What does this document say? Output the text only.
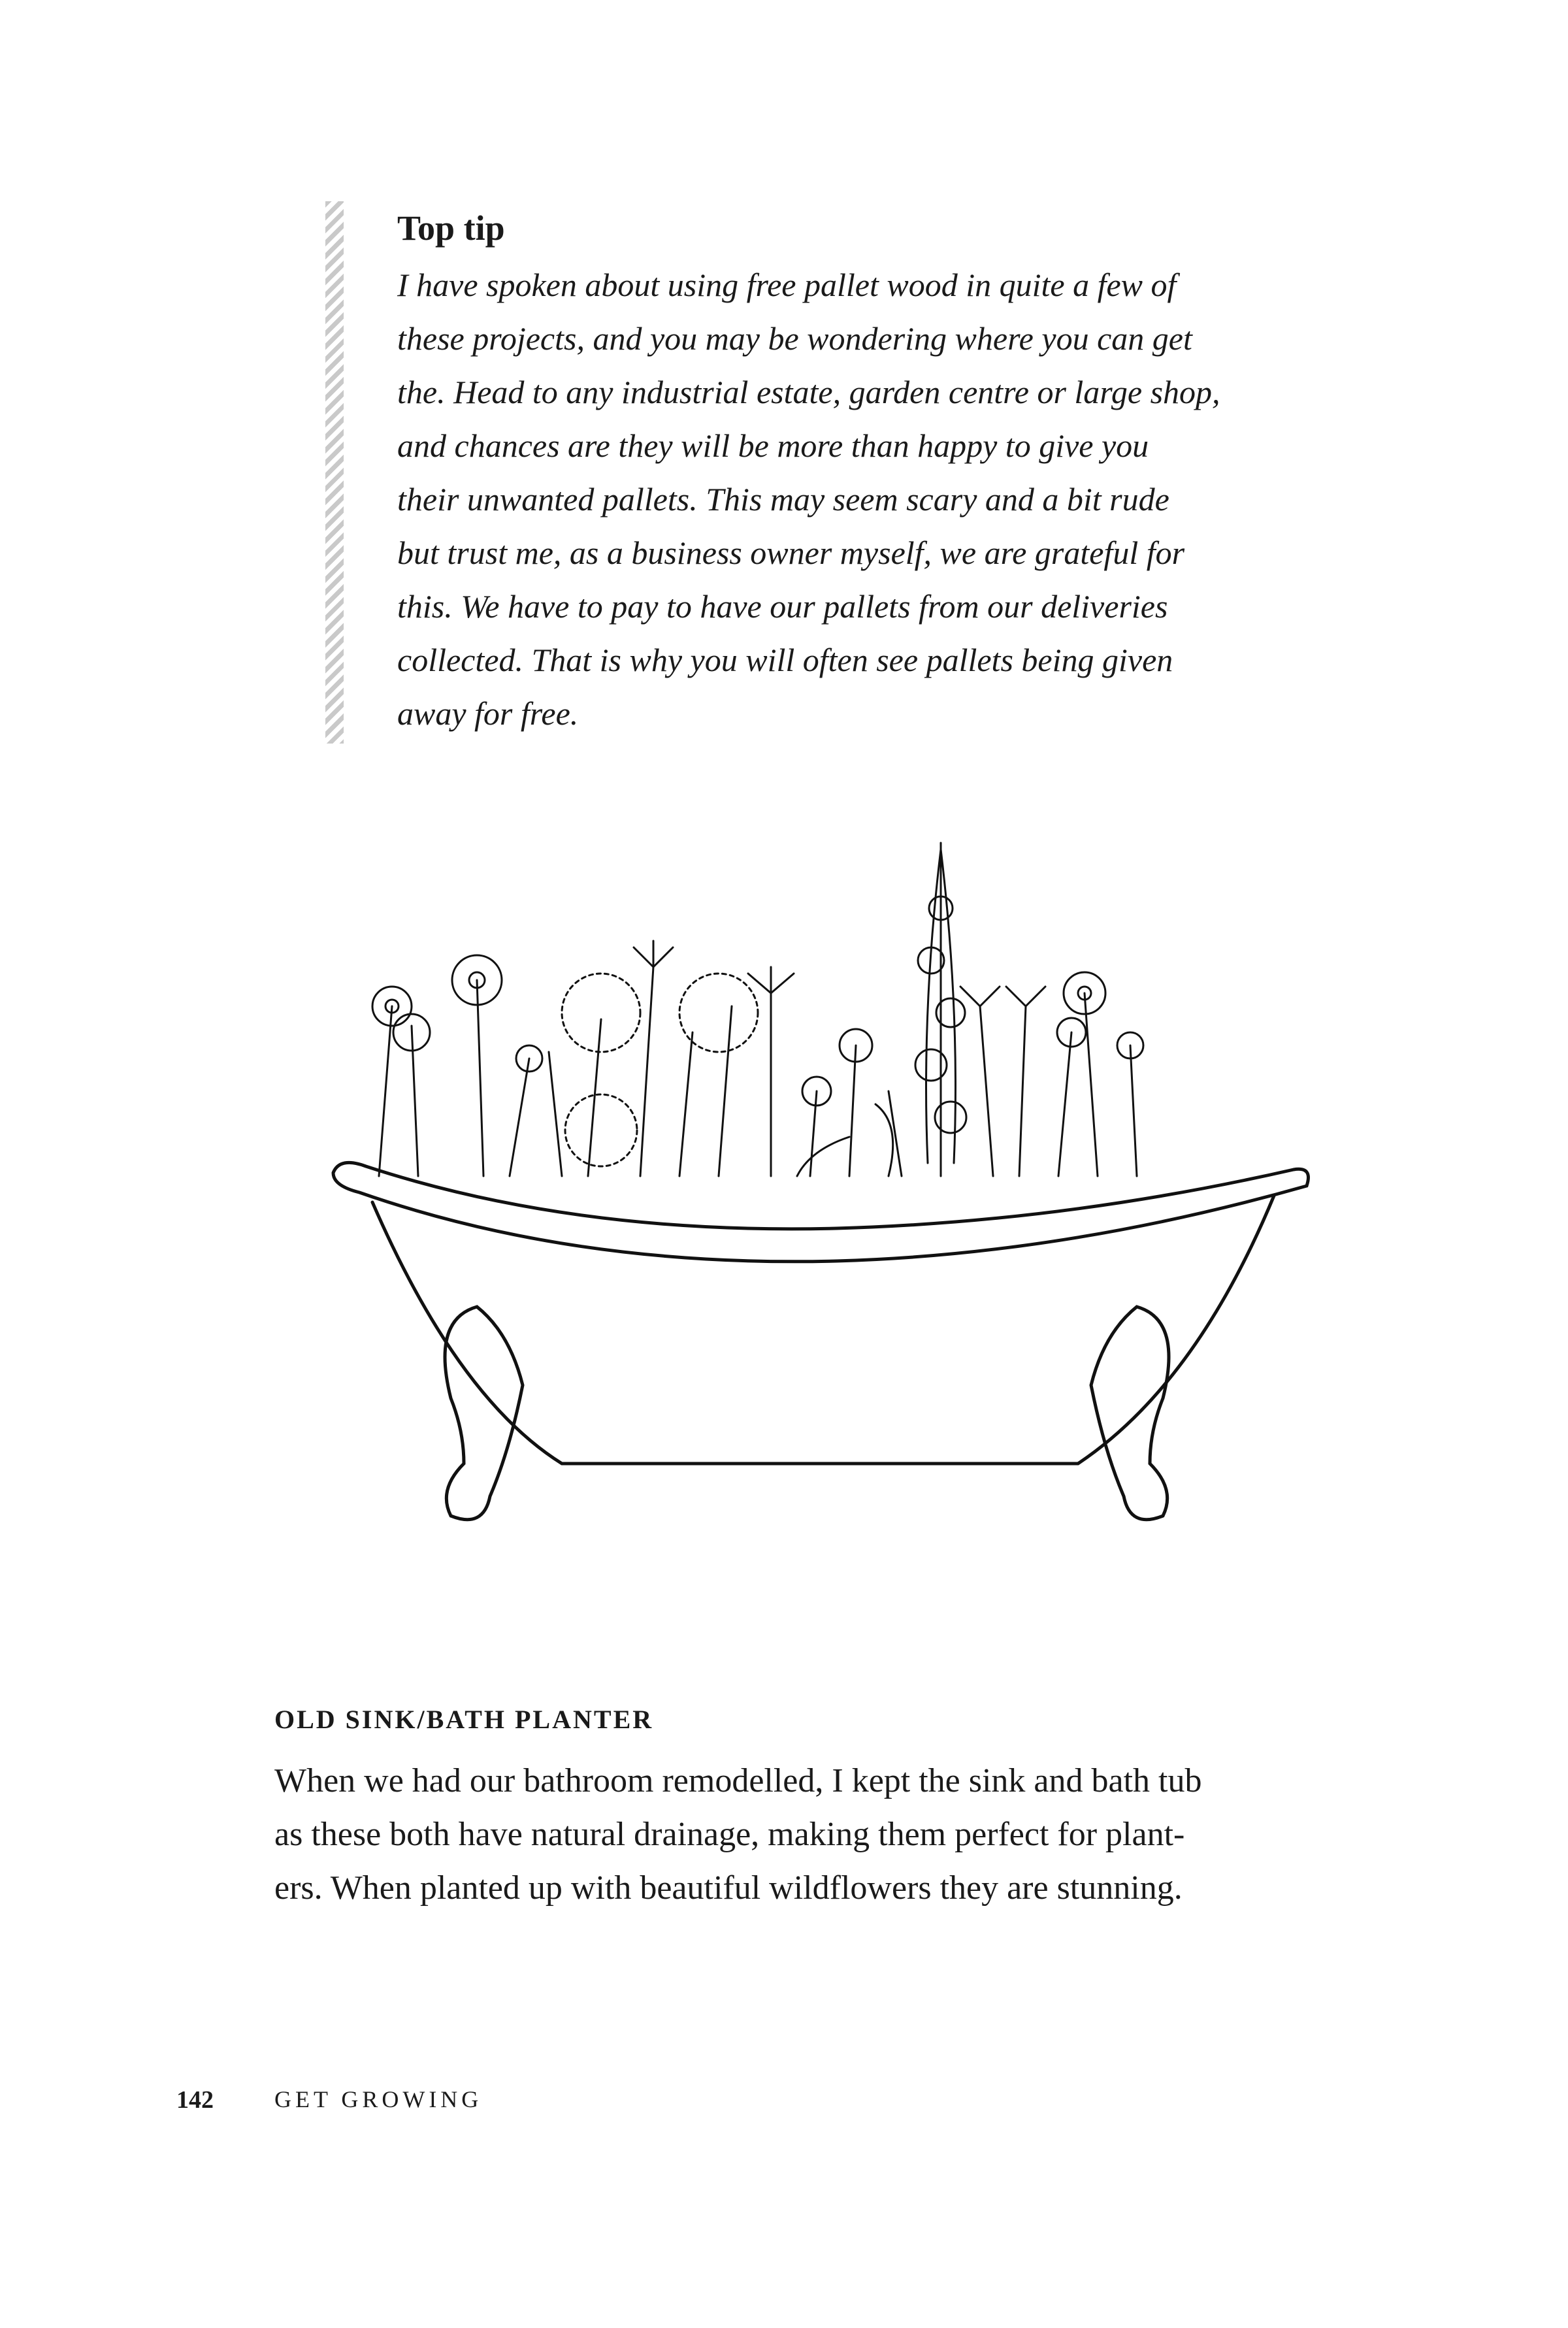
Top tip
I have spoken about using free pallet wood in quite a few of
these projects, and you may be wondering where you can get
the. Head to any industrial estate, garden centre or large shop,
and chances are they will be more than happy to give you
their unwanted pallets. This may seem scary and a bit rude
but trust me, as a business owner myself, we are grateful for
this. We have to pay to have our pallets from our deliveries
collected. That is why you will often see pallets being given
away for free.
OLD SINK/BATH PLANTER
When we had our bathroom remodelled, I kept the sink and bath tub
as these both have natural drainage, making them perfect for plant-
ers. When planted up with beautiful wildflowers they are stunning.
142	GET GROWING
